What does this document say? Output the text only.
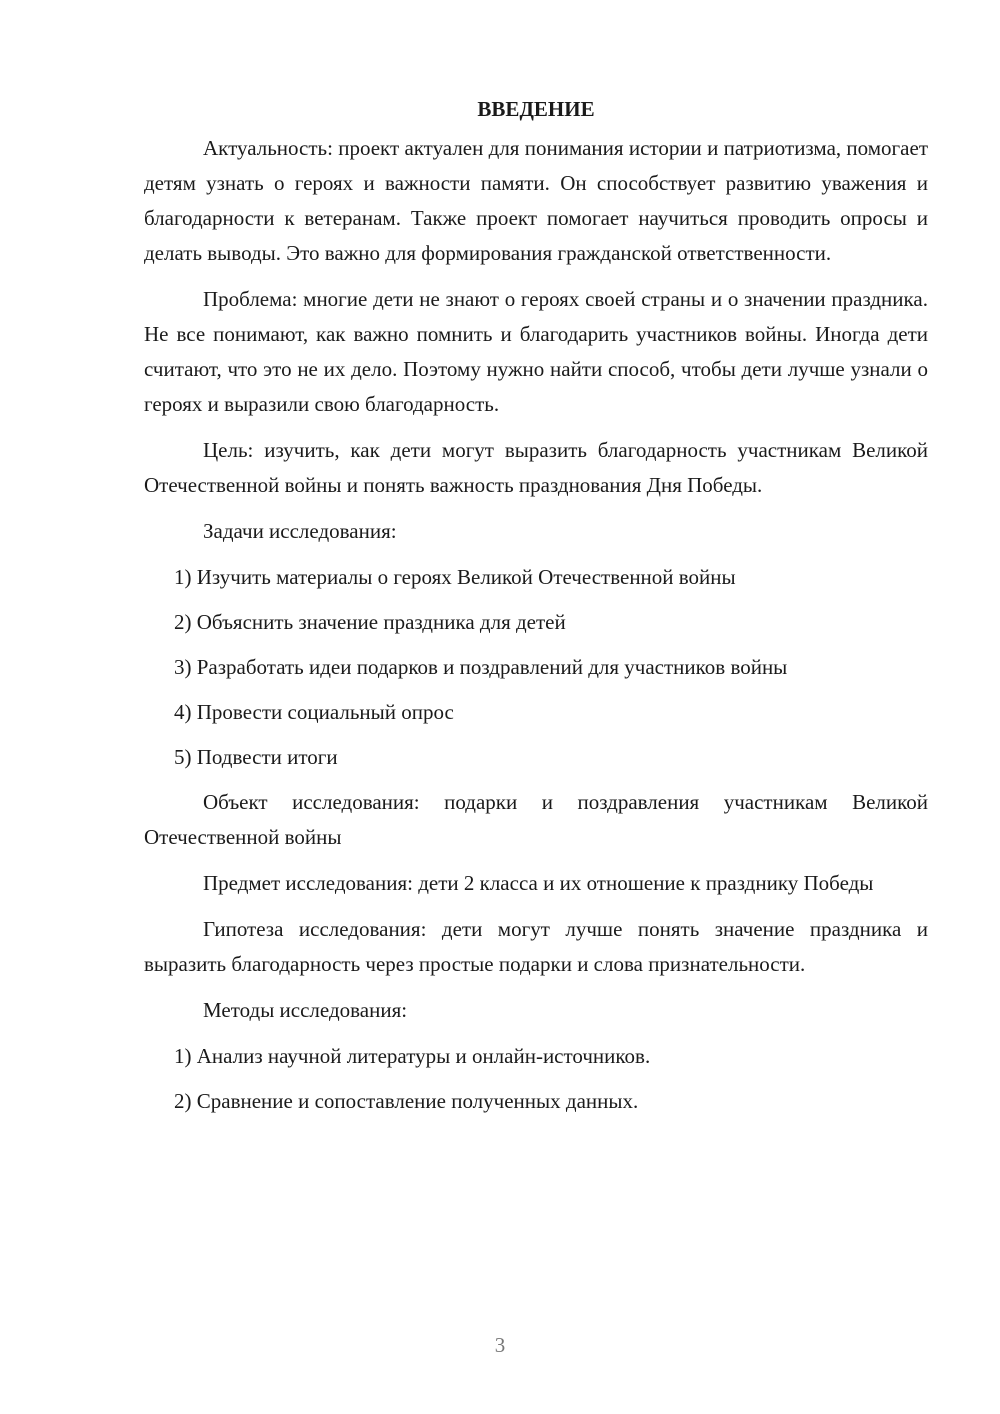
ВВЕДЕНИЕ

Актуальность: проект актуален для понимания истории и патриотизма, помогает детям узнать о героях и важности памяти. Он способствует развитию уважения и благодарности к ветеранам. Также проект помогает научиться проводить опросы и делать выводы. Это важно для формирования гражданской ответственности.

Проблема: многие дети не знают о героях своей страны и о значении праздника. Не все понимают, как важно помнить и благодарить участников войны. Иногда дети считают, что это не их дело. Поэтому нужно найти способ, чтобы дети лучше узнали о героях и выразили свою благодарность.

Цель: изучить, как дети могут выразить благодарность участникам Великой Отечественной войны и понять важность празднования Дня Победы.

Задачи исследования:

1) Изучить материалы о героях Великой Отечественной войны

2) Объяснить значение праздника для детей

3) Разработать идеи подарков и поздравлений для участников войны

4) Провести социальный опрос

5) Подвести итоги

Объект исследования: подарки и поздравления участникам Великой Отечественной войны

Предмет исследования: дети 2 класса и их отношение к празднику Победы

Гипотеза исследования: дети могут лучше понять значение праздника и выразить благодарность через простые подарки и слова признательности.

Методы исследования:

1) Анализ научной литературы и онлайн-источников.

2) Сравнение и сопоставление полученных данных.

3
